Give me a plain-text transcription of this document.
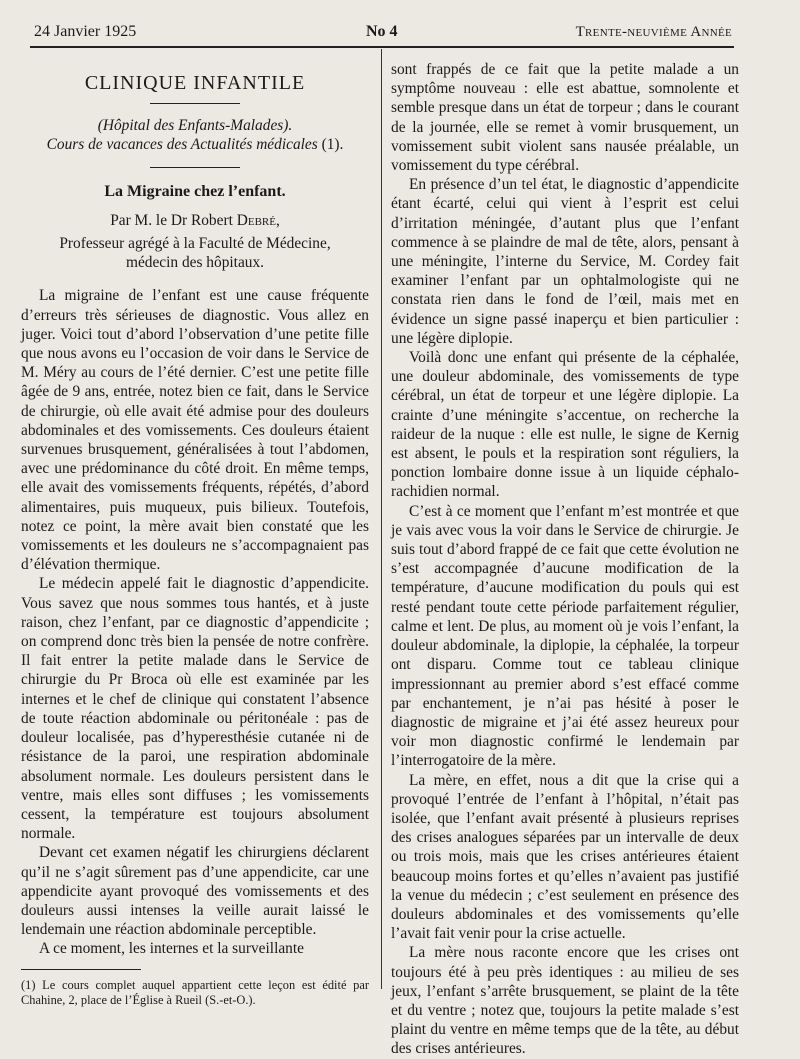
24 Janvier 1925	No 4	Trente-neuvième Année
CLINIQUE INFANTILE
(Hôpital des Enfants-Malades).
Cours de vacances des Actualités médicales (1).
La Migraine chez l’enfant.
Par M. le Dr Robert Debré,
Professeur agrégé à la Faculté de Médecine,
médecin des hôpitaux.

La migraine de l’enfant est une cause fréquente d’erreurs très sérieuses de diagnostic. Vous allez en juger. Voici tout d’abord l’observation d’une petite fille que nous avons eu l’occasion de voir dans le Service de M. Méry au cours de l’été dernier. C’est une petite fille âgée de 9 ans, entrée, notez bien ce fait, dans le Service de chirurgie, où elle avait été admise pour des douleurs abdominales et des vomissements. Ces douleurs étaient survenues brusquement, généralisées à tout l’abdomen, avec une prédominance du côté droit. En même temps, elle avait des vomissements fréquents, répétés, d’abord alimentaires, puis muqueux, puis bilieux. Toutefois, notez ce point, la mère avait bien constaté que les vomissements et les douleurs ne s’accompagnaient pas d’élévation thermique.

Le médecin appelé fait le diagnostic d’appendicite. Vous savez que nous sommes tous hantés, et à juste raison, chez l’enfant, par ce diagnostic d’appendicite ; on comprend donc très bien la pensée de notre confrère. Il fait entrer la petite malade dans le Service de chirurgie du Pr Broca où elle est examinée par les internes et le chef de clinique qui constatent l’absence de toute réaction abdominale ou péritonéale : pas de douleur localisée, pas d’hyperesthésie cutanée ni de résistance de la paroi, une respiration abdominale absolument normale. Les douleurs persistent dans le ventre, mais elles sont diffuses ; les vomissements cessent, la température est toujours absolument normale.

Devant cet examen négatif les chirurgiens déclarent qu’il ne s’agit sûrement pas d’une appendicite, car une appendicite ayant provoqué des vomissements et des douleurs aussi intenses la veille aurait laissé le lendemain une réaction abdominale perceptible.

A ce moment, les internes et la surveillante

(1) Le cours complet auquel appartient cette leçon est édité par Chahine, 2, place de l’Église à Rueil (S.-et-O.).

sont frappés de ce fait que la petite malade a un symptôme nouveau : elle est abattue, somnolente et semble presque dans un état de torpeur ; dans le courant de la journée, elle se remet à vomir brusquement, un vomissement subit violent sans nausée préalable, un vomissement du type cérébral.

En présence d’un tel état, le diagnostic d’appendicite étant écarté, celui qui vient à l’esprit est celui d’irritation méningée, d’autant plus que l’enfant commence à se plaindre de mal de tête, alors, pensant à une méningite, l’interne du Service, M. Cordey fait examiner l’enfant par un ophtalmologiste qui ne constata rien dans le fond de l’œil, mais met en évidence un signe passé inaperçu et bien particulier : une légère diplopie.

Voilà donc une enfant qui présente de la céphalée, une douleur abdominale, des vomissements de type cérébral, un état de torpeur et une légère diplopie. La crainte d’une méningite s’accentue, on recherche la raideur de la nuque : elle est nulle, le signe de Kernig est absent, le pouls et la respiration sont réguliers, la ponction lombaire donne issue à un liquide céphalo-rachidien normal.

C’est à ce moment que l’enfant m’est montrée et que je vais avec vous la voir dans le Service de chirurgie. Je suis tout d’abord frappé de ce fait que cette évolution ne s’est accompagnée d’aucune modification de la température, d’aucune modification du pouls qui est resté pendant toute cette période parfaitement régulier, calme et lent. De plus, au moment où je vois l’enfant, la douleur abdominale, la diplopie, la céphalée, la torpeur ont disparu. Comme tout ce tableau clinique impressionnant au premier abord s’est effacé comme par enchantement, je n’ai pas hésité à poser le diagnostic de migraine et j’ai été assez heureux pour voir mon diagnostic confirmé le lendemain par l’interrogatoire de la mère.

La mère, en effet, nous a dit que la crise qui a provoqué l’entrée de l’enfant à l’hôpital, n’était pas isolée, que l’enfant avait présenté à plusieurs reprises des crises analogues séparées par un intervalle de deux ou trois mois, mais que les crises antérieures étaient beaucoup moins fortes et qu’elles n’avaient pas justifié la venue du médecin ; c’est seulement en présence des douleurs abdominales et des vomissements qu’elle l’avait fait venir pour la crise actuelle.

La mère nous raconte encore que les crises ont toujours été à peu près identiques : au milieu de ses jeux, l’enfant s’arrête brusquement, se plaint de la tête et du ventre ; notez que, toujours la petite malade s’est plaint du ventre en même temps que de la tête, au début des crises antérieures.
